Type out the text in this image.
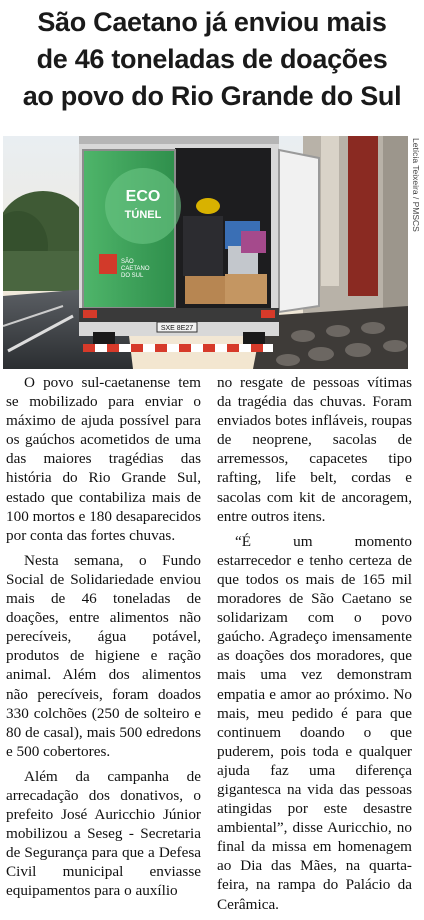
São Caetano já enviou mais
de 46 toneladas de doações
ao povo do Rio Grande do Sul
ECO
TÚNEL
SÃO
CAETANO
DO SUL
SXE 8E27
Letícia Teixeira / PMSCS

O povo sul-caetanense tem se mobilizado para enviar o máximo de ajuda possível para os gaúchos acometidos de uma das maiores tragédias das história do Rio Grande Sul, estado que contabiliza mais de 100 mortos e 180 desaparecidos por conta das fortes chuvas.

Nesta semana, o Fundo Social de Solidariedade enviou mais de 46 toneladas de doações, entre alimentos não perecíveis, água potável, produtos de higiene e ração animal. Além dos alimentos não perecíveis, foram doados 330 colchões (250 de solteiro e 80 de casal), mais 500 edredons e 500 cobertores.

Além da campanha de arrecadação dos donativos, o prefeito José Auricchio Júnior mobilizou a Seseg - Secretaria de Segurança para que a Defesa Civil municipal enviasse equipamentos para o auxílio

no resgate de pessoas vítimas da tragédia das chuvas. Foram enviados botes infláveis, roupas de neoprene, sacolas de arremessos, capacetes tipo rafting, life belt, cordas e sacolas com kit de ancoragem, entre outros itens.

“É um momento estarrecedor e tenho certeza de que todos os mais de 165 mil moradores de São Caetano se solidarizam com o povo gaúcho. Agradeço imensamente as doações dos moradores, que mais uma vez demonstram empatia e amor ao próximo. No mais, meu pedido é para que continuem doando o que puderem, pois toda e qualquer ajuda faz uma diferença gigantesca na vida das pessoas atingidas por este desastre ambiental”, disse Auricchio, no final da missa em homenagem ao Dia das Mães, na quarta-feira, na rampa do Palácio da Cerâmica.
